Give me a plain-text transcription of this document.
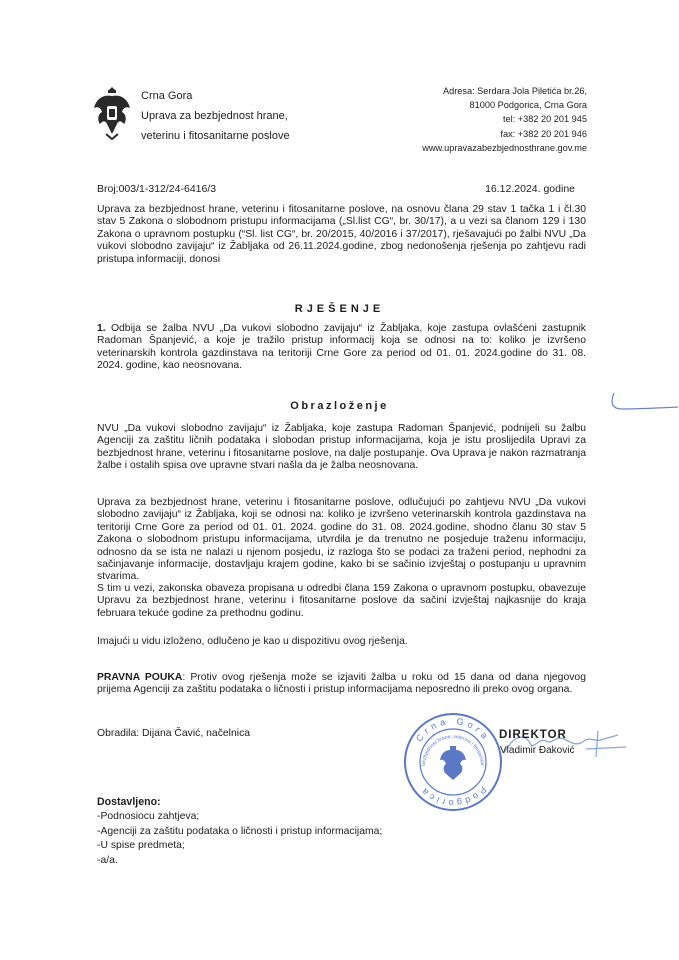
Crna Gora
Uprava za bezbjednost hrane,
veterinu i fitosanitarne poslove
Adresa: Serdara Jola Piletića br.26,
81000 Podgorica, Crna Gora
tel: +382 20 201 945
fax: +382 20 201 946
www.upravazabezbjednosthrane.gov.me
Broj:003/1-312/24-6416/3	16.12.2024. godine
Uprava za bezbjednost hrane, veterinu i fitosanitarne poslove, na osnovu člana 29 stav 1 tačka 1 i čl.30 stav 5 Zakona o slobodnom pristupu informacijama („Sl.list CG“, br. 30/17), a u vezi sa članom 129 i 130 Zakona o upravnom postupku (“Sl. list CG“, br. 20/2015, 40/2016 i 37/2017), rješavajući po žalbi NVU „Da vukovi slobodno zavijaju“ iz Žabljaka od 26.11.2024.godine, zbog nedonošenja rješenja po zahtjevu radi pristupa informaciji, donosi
RJEŠENJE
1. Odbija se žalba NVU „Da vukovi slobodno zavijaju“ iz Žabljaka, koje zastupa ovlašćeni zastupnik Radoman Španjević, a koje je tražilo pristup informacij koja se odnosi na to: koliko je izvršeno veterinarskih kontrola gazdinstava na teritoriji Crne Gore za period od 01. 01. 2024.godine do 31. 08. 2024. godine, kao neosnovana.
Obrazloženje
NVU „Da vukovi slobodno zavijaju“ iz Žabljaka, koje zastupa Radoman Španjević, podnijeli su žalbu Agenciji za zaštitu ličnih podataka i slobodan pristup informacijama, koja je istu proslijedila Upravi za bezbjednost hrane, veterinu i fitosanitarne poslove, na dalje postupanje. Ova Uprava je nakon razmatranja žalbe i ostalih spisa ove upravne stvari našla da je žalba neosnovana.
Uprava za bezbjednost hrane, veterinu i fitosanitarne poslove, odlučujući po zahtjevu NVU „Da vukovi slobodno zavijaju“ iz Žabljaka, koji se odnosi na: koliko je izvršeno veterinarskih kontrola gazdinstava na teritoriji Crne Gore za period od 01. 01. 2024. godine do 31. 08. 2024.godine, shodno članu 30 stav 5 Zakona o slobodnom pristupu informacijama, utvrdila je da trenutno ne posjeduje traženu informaciju, odnosno da se ista ne nalazi u njenom posjedu, iz razloga što se podaci za traženi period, nephodni za sačinjavanje informacije, dostavljaju krajem godine, kako bi se sačinio izvještaj o postupanju u upravnim stvarima.
S tim u vezi, zakonska obaveza propisana u odredbi člana 159 Zakona o upravnom postupku, obavezuje Upravu za bezbjednost hrane, veterinu i fitosanitarne poslove da sačini izvještaj najkasnije do kraja februara tekuće godine za prethodnu godinu.
Imajući u vidu izloženo, odlučeno je kao u dispozitivu ovog rješenja.
PRAVNA POUKA: Protiv ovog rješenja može se izjaviti žalba u roku od 15 dana od dana njegovog prijema Agenciji za zaštitu podataka o ličnosti i pristup informacijama neposredno ili preko ovog organa.
Obradila: Dijana Čavić, načelnica	Crna Gora
Podgorica
bezbjednost hrane, veterinu i fitosanitar
DIREKTOR
Vladimir Đaković
Dostavljeno:
-Podnosiocu zahtjeva;
-Agenciji za zaštitu podataka o ličnosti i pristup informacijama;
-U spise predmeta;
-a/a.
